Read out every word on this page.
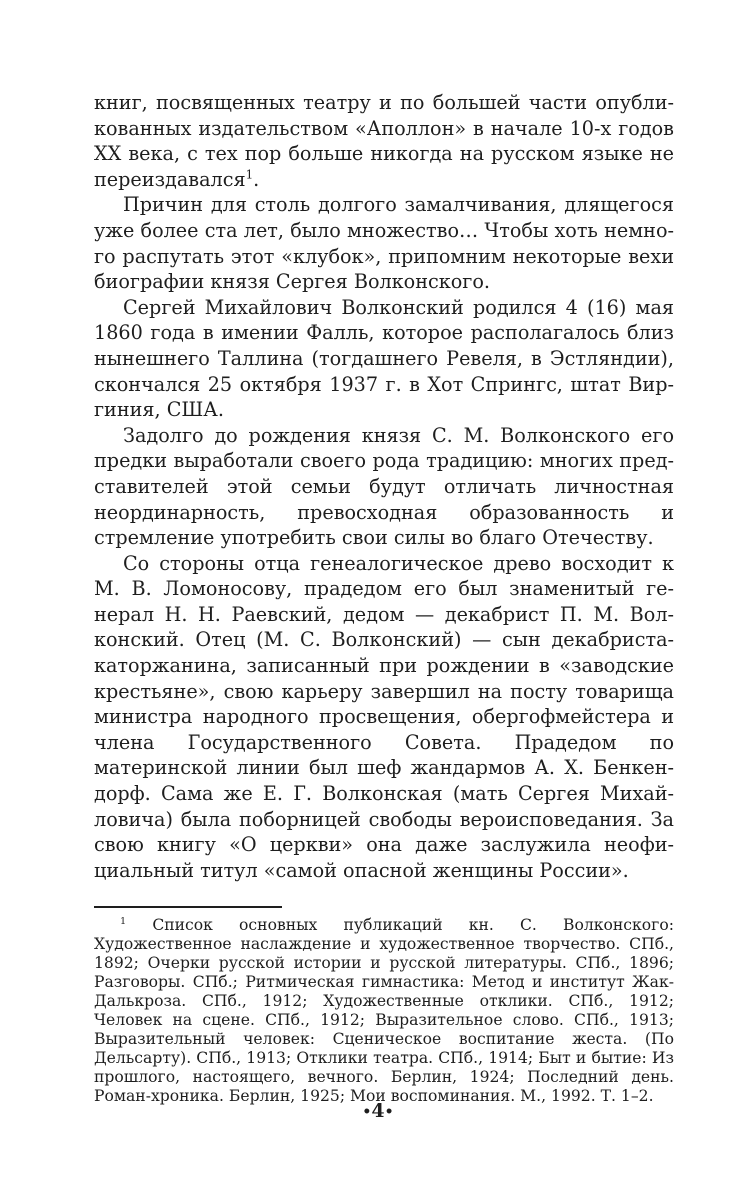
книг, посвященных театру и по большей части опубликованных издательством «Аполлон» в начале 10-х годов XX века, с тех пор больше никогда на русском языке не переиздавался$^1$.

Причин для столь долгого замалчивания, длящегося уже более ста лет, было множество… Чтобы хоть немного распутать этот «клубок», припомним некоторые вехи биографии князя Сергея Волконского.

Сергей Михайлович Волконский родился 4 (16) мая 1860 года в имении Фалль, которое располагалось близ нынешнего Таллина (тогдашнего Ревеля, в Эстляндии), скончался 25 октября 1937 г. в Хот Спрингс, штат Виргиния, США.

Задолго до рождения князя С. М. Волконского его предки выработали своего рода традицию: многих представителей этой семьи будут отличать личностная неординарность, превосходная образованность и стремление употребить свои силы во благо Отечеству.

Со стороны отца генеалогическое древо восходит к М. В. Ломоносову, прадедом его был знаменитый генерал Н. Н. Раевский, дедом — декабрист П. М. Волконский. Отец (М. С. Волконский) — сын декабриста-каторжанина, записанный при рождении в «заводские крестьяне», свою карьеру завершил на посту товарища министра народного просвещения, обергофмейстера и члена Государственного Совета. Прадедом по материнской линии был шеф жандармов А. Х. Бенкендорф. Сама же Е. Г. Волконская (мать Сергея Михайловича) была поборницей свободы вероисповедания. За свою книгу «О церкви» она даже заслужила неофициальный титул «самой опасной женщины России».

$^1$ Список основных публикаций кн. С. Волконского: Художественное наслаждение и художественное творчество. СПб., 1892; Очерки русской истории и русской литературы. СПб., 1896; Разговоры. СПб.; Ритмическая гимнастика: Метод и институт Жак-Далькроза. СПб., 1912; Художественные отклики. СПб., 1912; Человек на сцене. СПб., 1912; Выразительное слово. СПб., 1913; Выразительный человек: Сценическое воспитание жеста. (По Дельсарту). СПб., 1913; Отклики театра. СПб., 1914; Быт и бытие: Из прошлого, настоящего, вечного. Берлин, 1924; Последний день. Роман-хроника. Берлин, 1925; Мои воспоминания. М., 1992. Т. 1–2.

•4•
